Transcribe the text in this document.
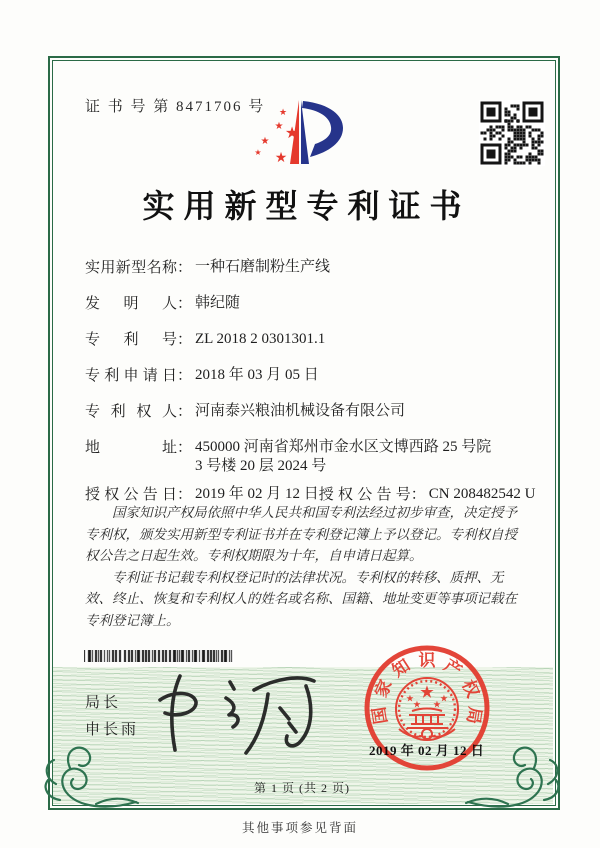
证 书 号 第 8471706 号 ★
★ ★
★
★ ★
实用新型专利证书
实用新型名称： 一种石磨制粉生产线
发明人： 韩纪随
专利号： ZL 2018 2 0301301.1
专利申请日： 2018 年 03 月 05 日
专利权人： 河南泰兴粮油机械设备有限公司
地址： 450000 河南省郑州市金水区文博西路 25 号院 3 号楼 20 层 2024 号
授权公告日： 2019 年 02 月 12 日 授权公告号： CN 208482542 U

国家知识产权局依照中华人民共和国专利法经过初步审查，决定授予专利权，颁发实用新型专利证书并在专利登记簿上予以登记。专利权自授权公告之日起生效。专利权期限为十年，自申请日起算。

专利证书记载专利权登记时的法律状况。专利权的转移、质押、无效、终止、恢复和专利权人的姓名或名称、国籍、地址变更等事项记载在专利登记簿上。

局长
申长雨
国
家
知 识 产
权
局
★
★	★
★ ★
2019 年 02 月 12 日
第 1 页 (共 2 页)
其他事项参见背面
